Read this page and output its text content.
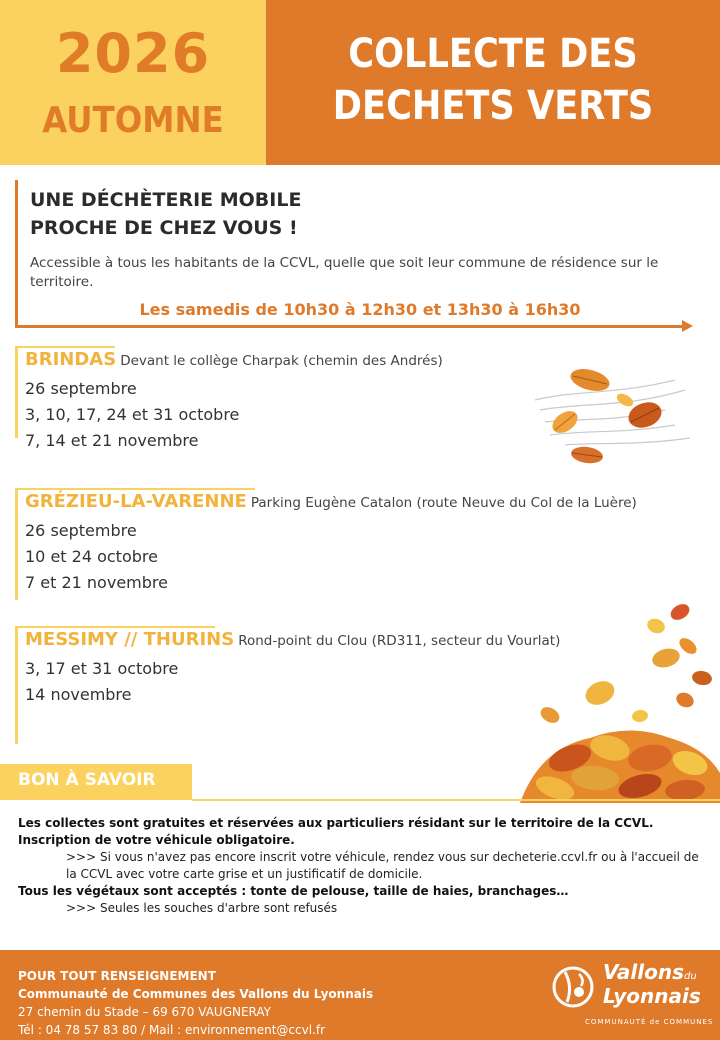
2026
AUTOMNE
COLLECTE DES
DECHETS VERTS
UNE DÉCHÈTERIE MOBILE
PROCHE DE CHEZ VOUS !
Accessible à tous les habitants de la CCVL, quelle que soit leur commune de résidence sur le territoire.
Les samedis de 10h30 à 12h30 et 13h30 à 16h30
BRINDAS Devant le collège Charpak (chemin des Andrés)
26 septembre
3, 10, 17, 24 et 31 octobre
7, 14 et 21 novembre
GRÉZIEU-LA-VARENNE Parking Eugène Catalon (route Neuve du Col de la Luère)
26 septembre
10 et 24 octobre
7 et 21 novembre
MESSIMY // THURINS Rond-point du Clou (RD311, secteur du Vourlat)
3, 17 et 31 octobre
14 novembre
BON À SAVOIR
Les collectes sont gratuites et réservées aux particuliers résidant sur le territoire de la CCVL.
Inscription de votre véhicule obligatoire.
>>> Si vous n'avez pas encore inscrit votre véhicule, rendez vous sur decheterie.ccvl.fr ou à l'accueil de la CCVL avec votre carte grise et un justificatif de domicile.
Tous les végétaux sont acceptés : tonte de pelouse, taille de haies, branchages…
>>> Seules les souches d'arbre sont refusés
POUR TOUT RENSEIGNEMENT
Communauté de Communes des Vallons du Lyonnais
27 chemin du Stade – 69 670 VAUGNERAY
Tél : 04 78 57 83 80 / Mail : environnement@ccvl.fr
Vallonsdu
Lyonnais
COMMUNAUTÉ de COMMUNES
